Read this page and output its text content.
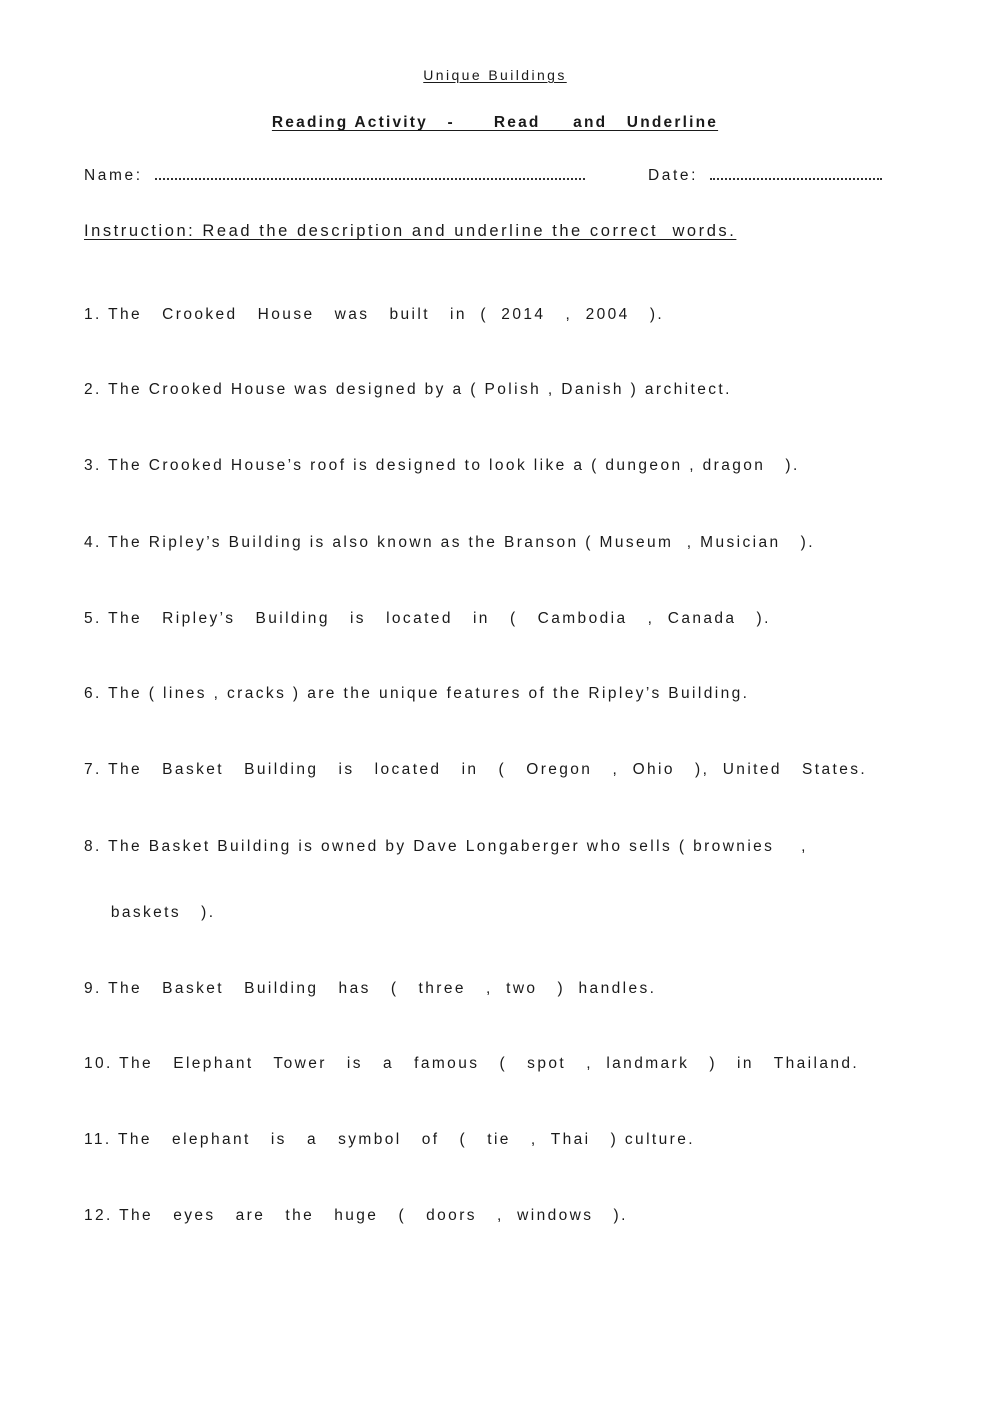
Unique Buildings
Reading Activity   -      Read     and   Underline
Name:	Date:
Instruction: Read the description and underline the correct  words.
1. The   Crooked   House   was   built   in  (  2014   ,  2004   ).
2. The Crooked House was designed by a ( Polish , Danish ) architect.
3. The Crooked House’s roof is designed to look like a ( dungeon , dragon   ).
4. The Ripley’s Building is also known as the Branson ( Museum  , Musician   ).
5. The   Ripley’s   Building   is   located   in   (   Cambodia   ,  Canada   ).
6. The ( lines , cracks ) are the unique features of the Ripley’s Building.
7. The   Basket   Building   is   located   in   (   Oregon   ,  Ohio   ),  United   States.
8. The Basket Building is owned by Dave Longaberger who sells ( brownies    ,
baskets   ).
9. The   Basket   Building   has   (   three   ,  two   )  handles.
10. The   Elephant   Tower   is   a   famous   (   spot   ,  landmark   )   in   Thailand.
11. The   elephant   is   a   symbol   of   (   tie   ,  Thai   ) culture.
12. The   eyes   are   the   huge   (   doors   ,  windows   ).
